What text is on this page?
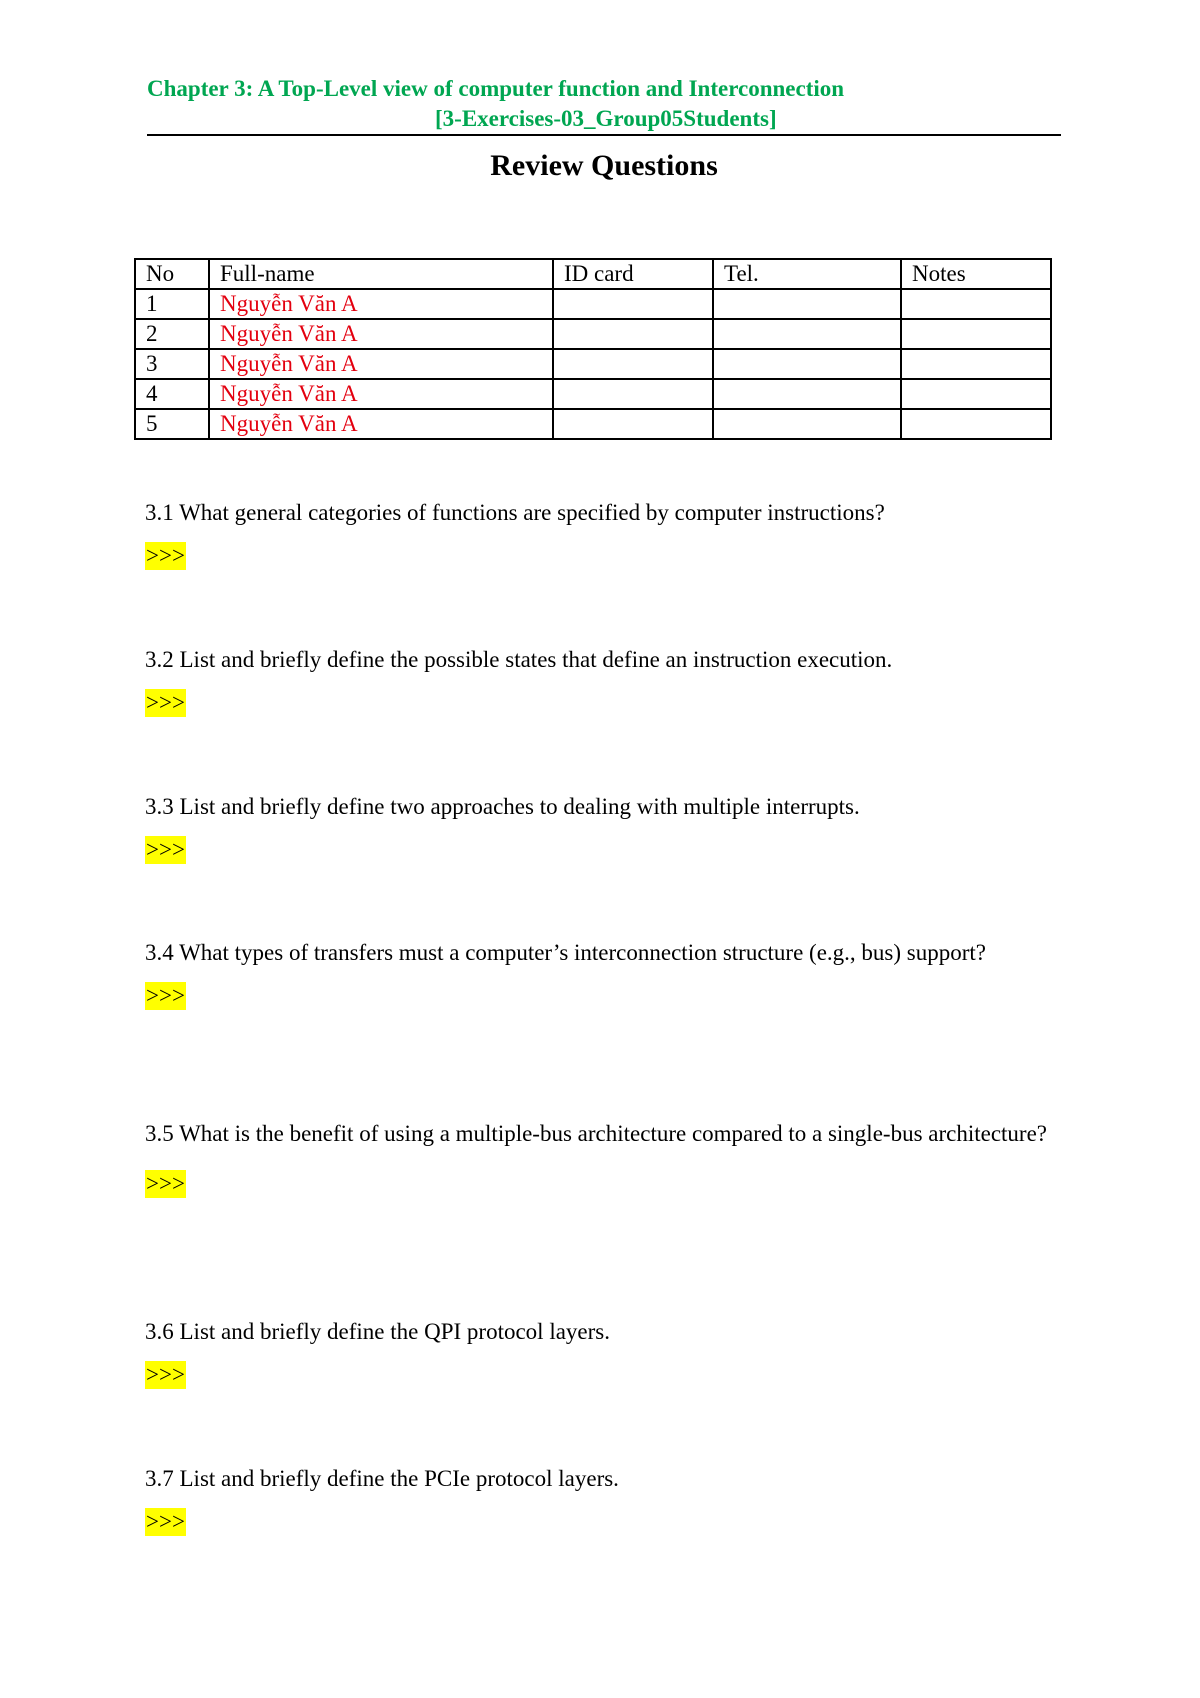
Chapter 3: A Top-Level view of computer function and Interconnection
[3-Exercises-03_Group05Students]
Review Questions
No	Full-name	ID card	Tel.	Notes
1	Nguyễn Văn A			
2	Nguyễn Văn A			
3	Nguyễn Văn A			
4	Nguyễn Văn A			
5	Nguyễn Văn A			
3.1 What general categories of functions are specified by computer instructions?
>>>
3.2 List and briefly define the possible states that define an instruction execution.
>>>
3.3 List and briefly define two approaches to dealing with multiple interrupts.
>>>
3.4 What types of transfers must a computer’s interconnection structure (e.g., bus) support?
>>>
3.5 What is the benefit of using a multiple-bus architecture compared to a single-bus architecture?
>>>
3.6 List and briefly define the QPI protocol layers.
>>>
3.7 List and briefly define the PCIe protocol layers.
>>>
